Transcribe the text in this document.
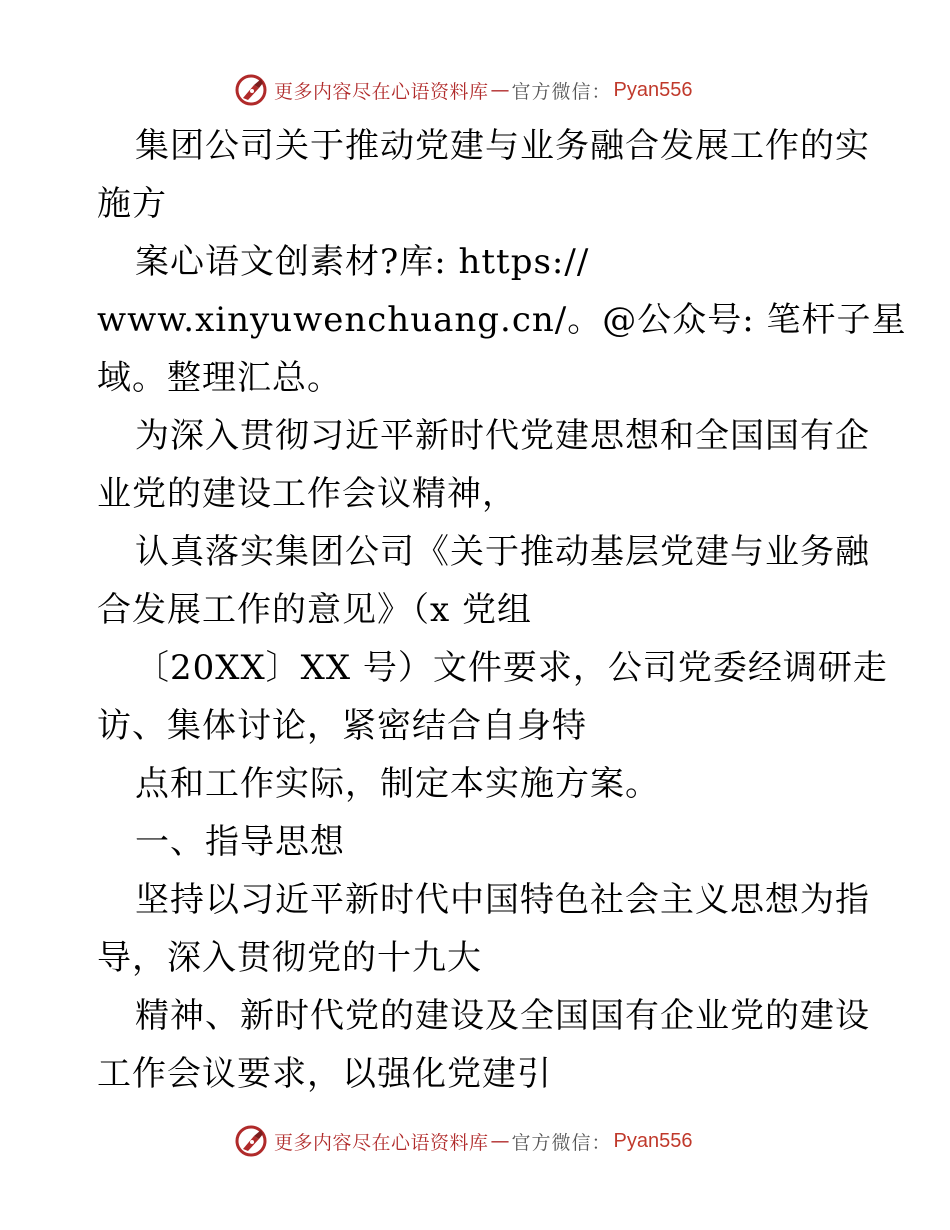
更多内容尽在心语资料库 — 官方微信： Pyan556
集团公司关于推动党建与业务融合发展工作的实
施方
案心语文创素材?库: https://
www.xinyuwenchuang.cn/。@公众号: 笔杆子星
域。整理汇总。
为深入贯彻习近平新时代党建思想和全国国有企
业党的建设工作会议精神，
认真落实集团公司《关于推动基层党建与业务融
合发展工作的意见》（x 党组
〔20XX〕XX 号）文件要求，公司党委经调研走
访、集体讨论，紧密结合自身特
点和工作实际，制定本实施方案。
一、指导思想
坚持以习近平新时代中国特色社会主义思想为指
导，深入贯彻党的十九大
精神、新时代党的建设及全国国有企业党的建设
工作会议要求，以强化党建引
更多内容尽在心语资料库 — 官方微信： Pyan556
